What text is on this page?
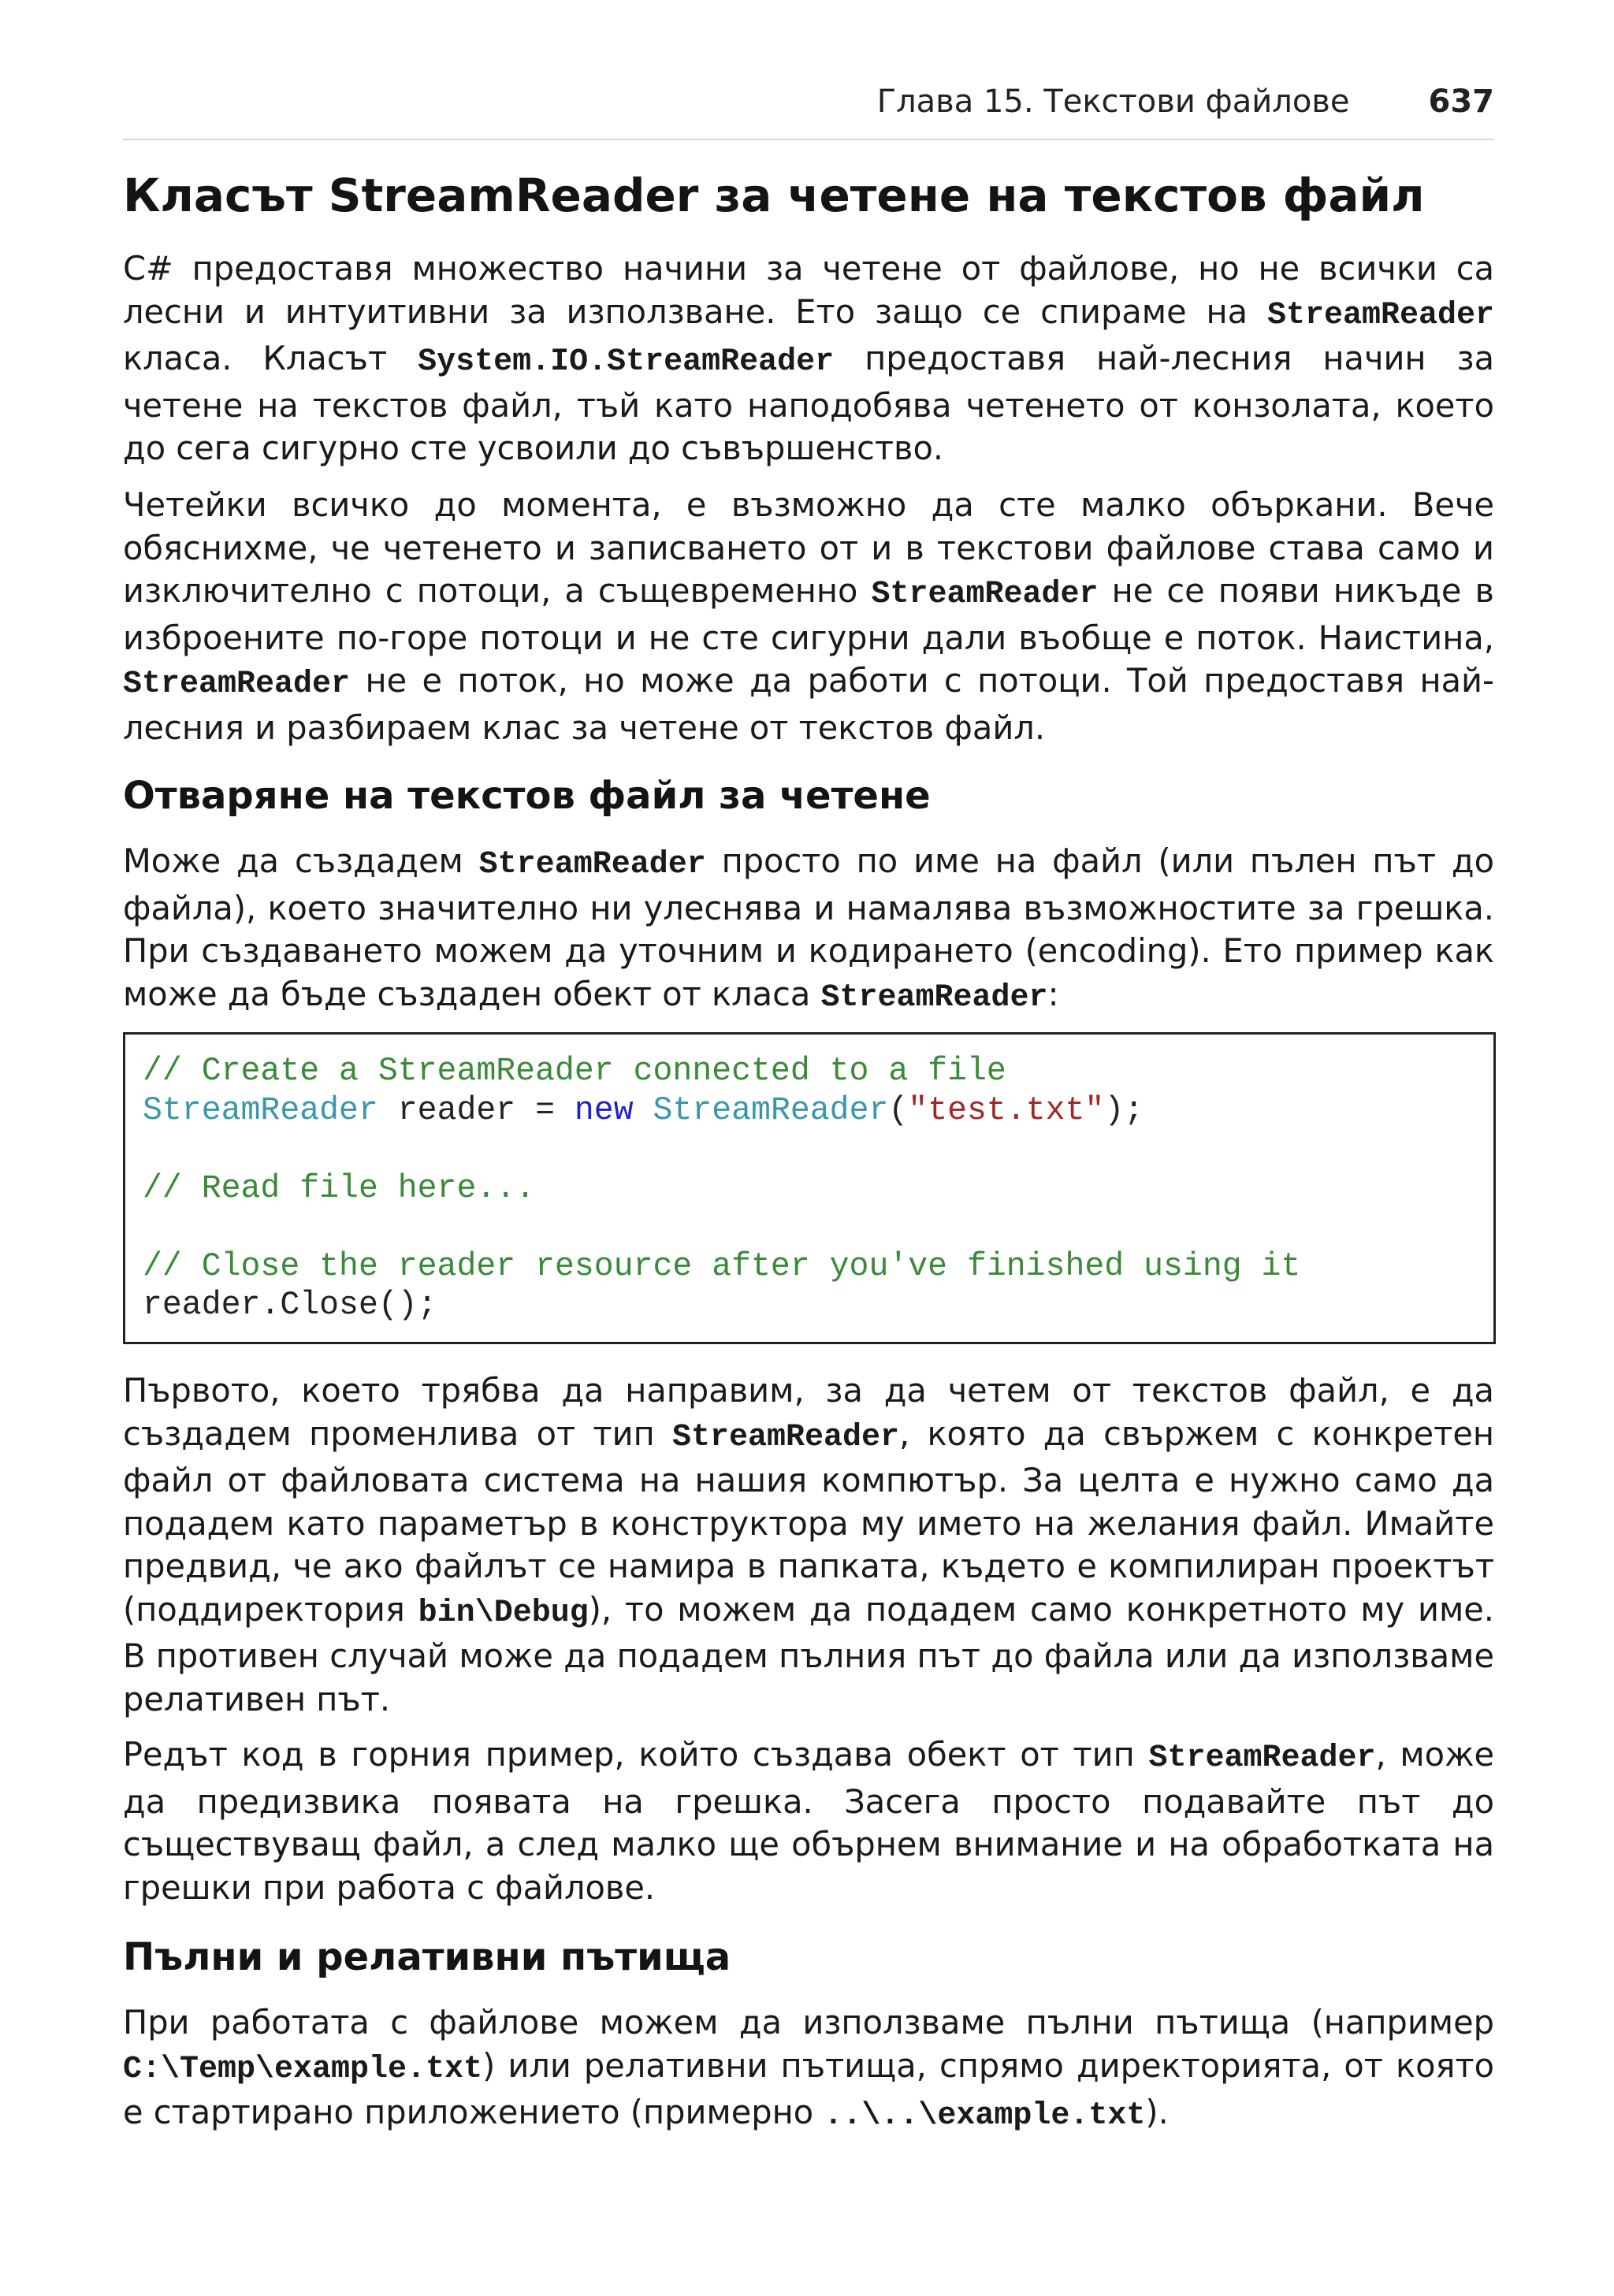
Глава 15. Текстови файлове	637
Класът StreamReader за четене на текстов файл

C# предоставя множество начини за четене от файлове, но не всички са лесни и интуитивни за използване. Ето защо се спираме на StreamReader класа. Класът System.IO.StreamReader предоставя най-лесния начин за четене на текстов файл, тъй като наподобява четенето от конзолата, което до сега сигурно сте усвоили до съвършенство.

Четейки всичко до момента, е възможно да сте малко объркани. Вече обяснихме, че четенето и записването от и в текстови файлове става само и изключително с потоци, а същевременно StreamReader не се появи никъде в изброените по-горе потоци и не сте сигурни дали въобще е поток. Наистина, StreamReader не е поток, но може да работи с потоци. Той предоставя най-лесния и разбираем клас за четене от текстов файл.

Отваряне на текстов файл за четене

Може да създадем StreamReader просто по име на файл (или пълен път до файла), което значително ни улеснява и намалява възможностите за грешка. При създаването можем да уточним и кодирането (encoding). Ето пример как може да бъде създаден обект от класа StreamReader:

// Create a StreamReader connected to a file
StreamReader reader = new StreamReader("test.txt");

// Read file here...

// Close the reader resource after you've finished using it
reader.Close();

Първото, което трябва да направим, за да четем от текстов файл, е да създадем променлива от тип StreamReader, която да свържем с конкретен файл от файловата система на нашия компютър. За целта е нужно само да подадем като параметър в конструктора му името на желания файл. Имайте предвид, че ако файлът се намира в папката, където е компилиран проектът (поддиректория bin\Debug), то можем да подадем само конкретното му име. В противен случай може да подадем пълния път до файла или да използваме релативен път.

Редът код в горния пример, който създава обект от тип StreamReader, може да предизвика появата на грешка. Засега просто подавайте път до съществуващ файл, а след малко ще обърнем внимание и на обработката на грешки при работа с файлове.

Пълни и релативни пътища

При работата с файлове можем да използваме пълни пътища (например C:\Temp\example.txt) или релативни пътища, спрямо директорията, от която е стартирано приложението (примерно ..\..\example.txt).
